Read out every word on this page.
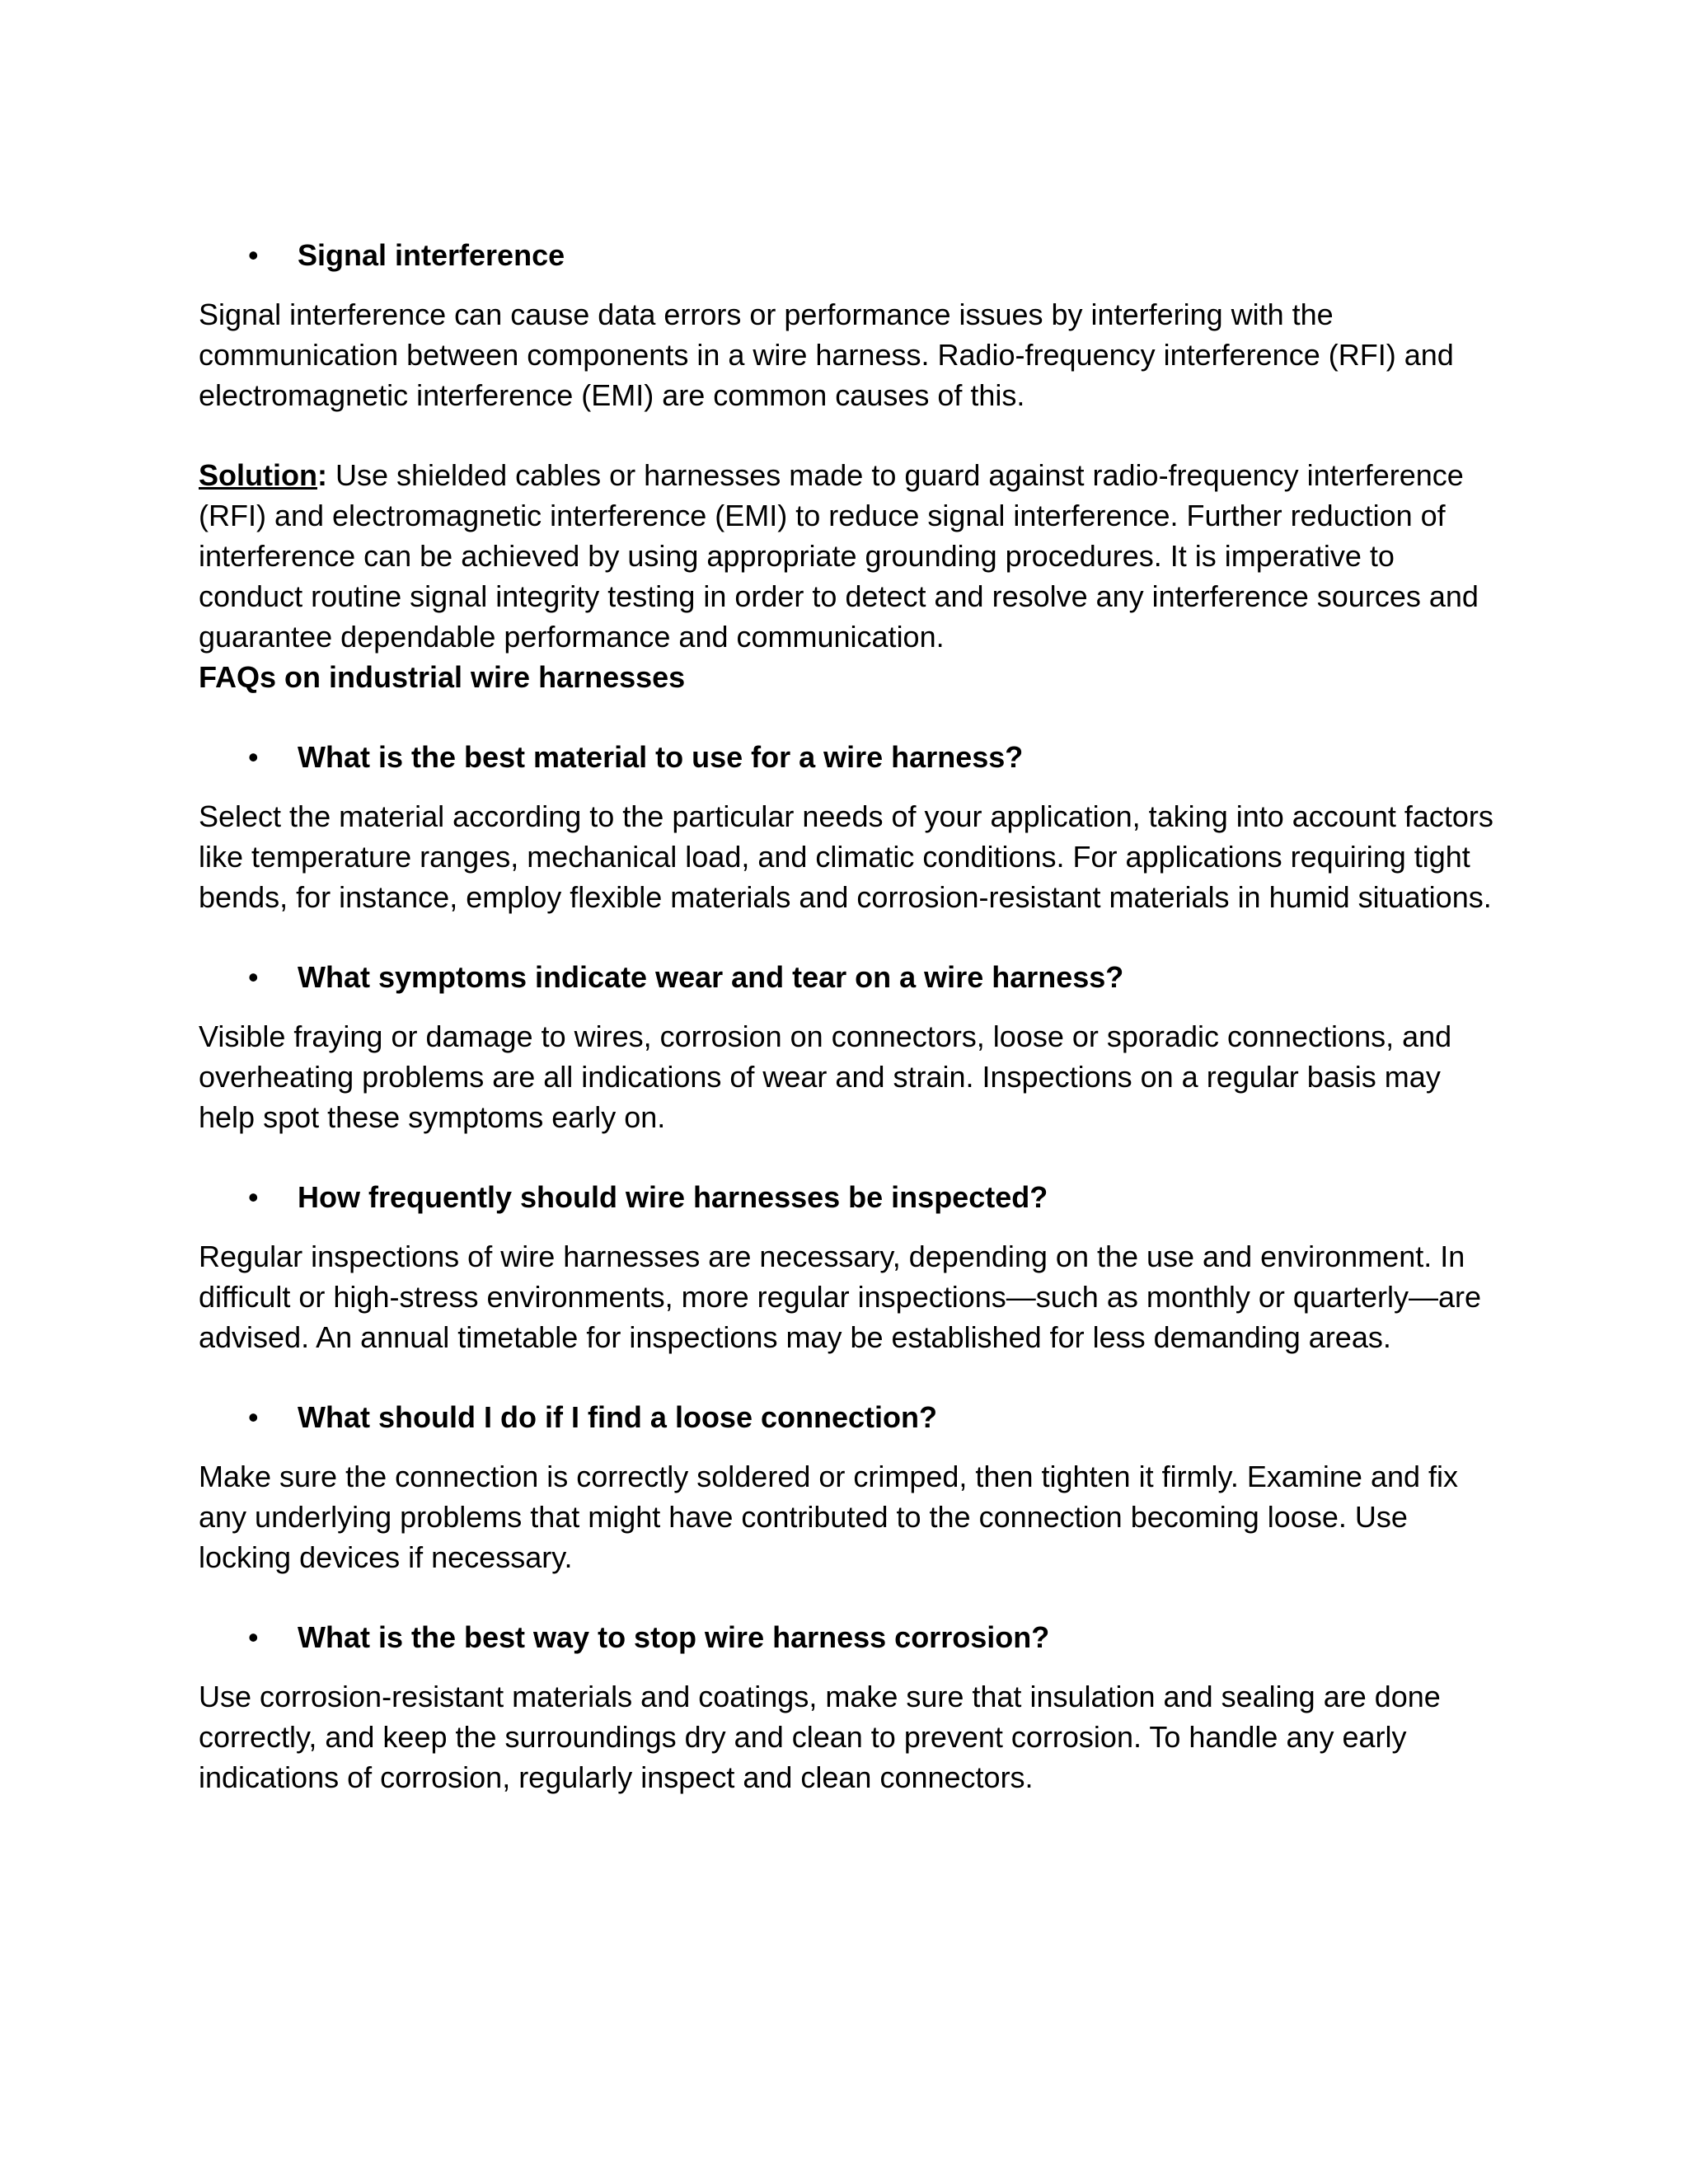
•	Signal interference

Signal interference can cause data errors or performance issues by interfering with the communication between components in a wire harness. Radio-frequency interference (RFI) and electromagnetic interference (EMI) are common causes of this.

Solution: Use shielded cables or harnesses made to guard against radio-frequency interference (RFI) and electromagnetic interference (EMI) to reduce signal interference. Further reduction of interference can be achieved by using appropriate grounding procedures. It is imperative to conduct routine signal integrity testing in order to detect and resolve any interference sources and guarantee dependable performance and communication.

FAQs on industrial wire harnesses

•	What is the best material to use for a wire harness?

Select the material according to the particular needs of your application, taking into account factors like temperature ranges, mechanical load, and climatic conditions. For applications requiring tight bends, for instance, employ flexible materials and corrosion-resistant materials in humid situations.

•	What symptoms indicate wear and tear on a wire harness?

Visible fraying or damage to wires, corrosion on connectors, loose or sporadic connections, and overheating problems are all indications of wear and strain. Inspections on a regular basis may help spot these symptoms early on.

•	How frequently should wire harnesses be inspected?

Regular inspections of wire harnesses are necessary, depending on the use and environment. In difficult or high-stress environments, more regular inspections—such as monthly or quarterly—are advised. An annual timetable for inspections may be established for less demanding areas.

•	What should I do if I find a loose connection?

Make sure the connection is correctly soldered or crimped, then tighten it firmly. Examine and fix any underlying problems that might have contributed to the connection becoming loose. Use locking devices if necessary.

•	What is the best way to stop wire harness corrosion?

Use corrosion-resistant materials and coatings, make sure that insulation and sealing are done correctly, and keep the surroundings dry and clean to prevent corrosion. To handle any early indications of corrosion, regularly inspect and clean connectors.
